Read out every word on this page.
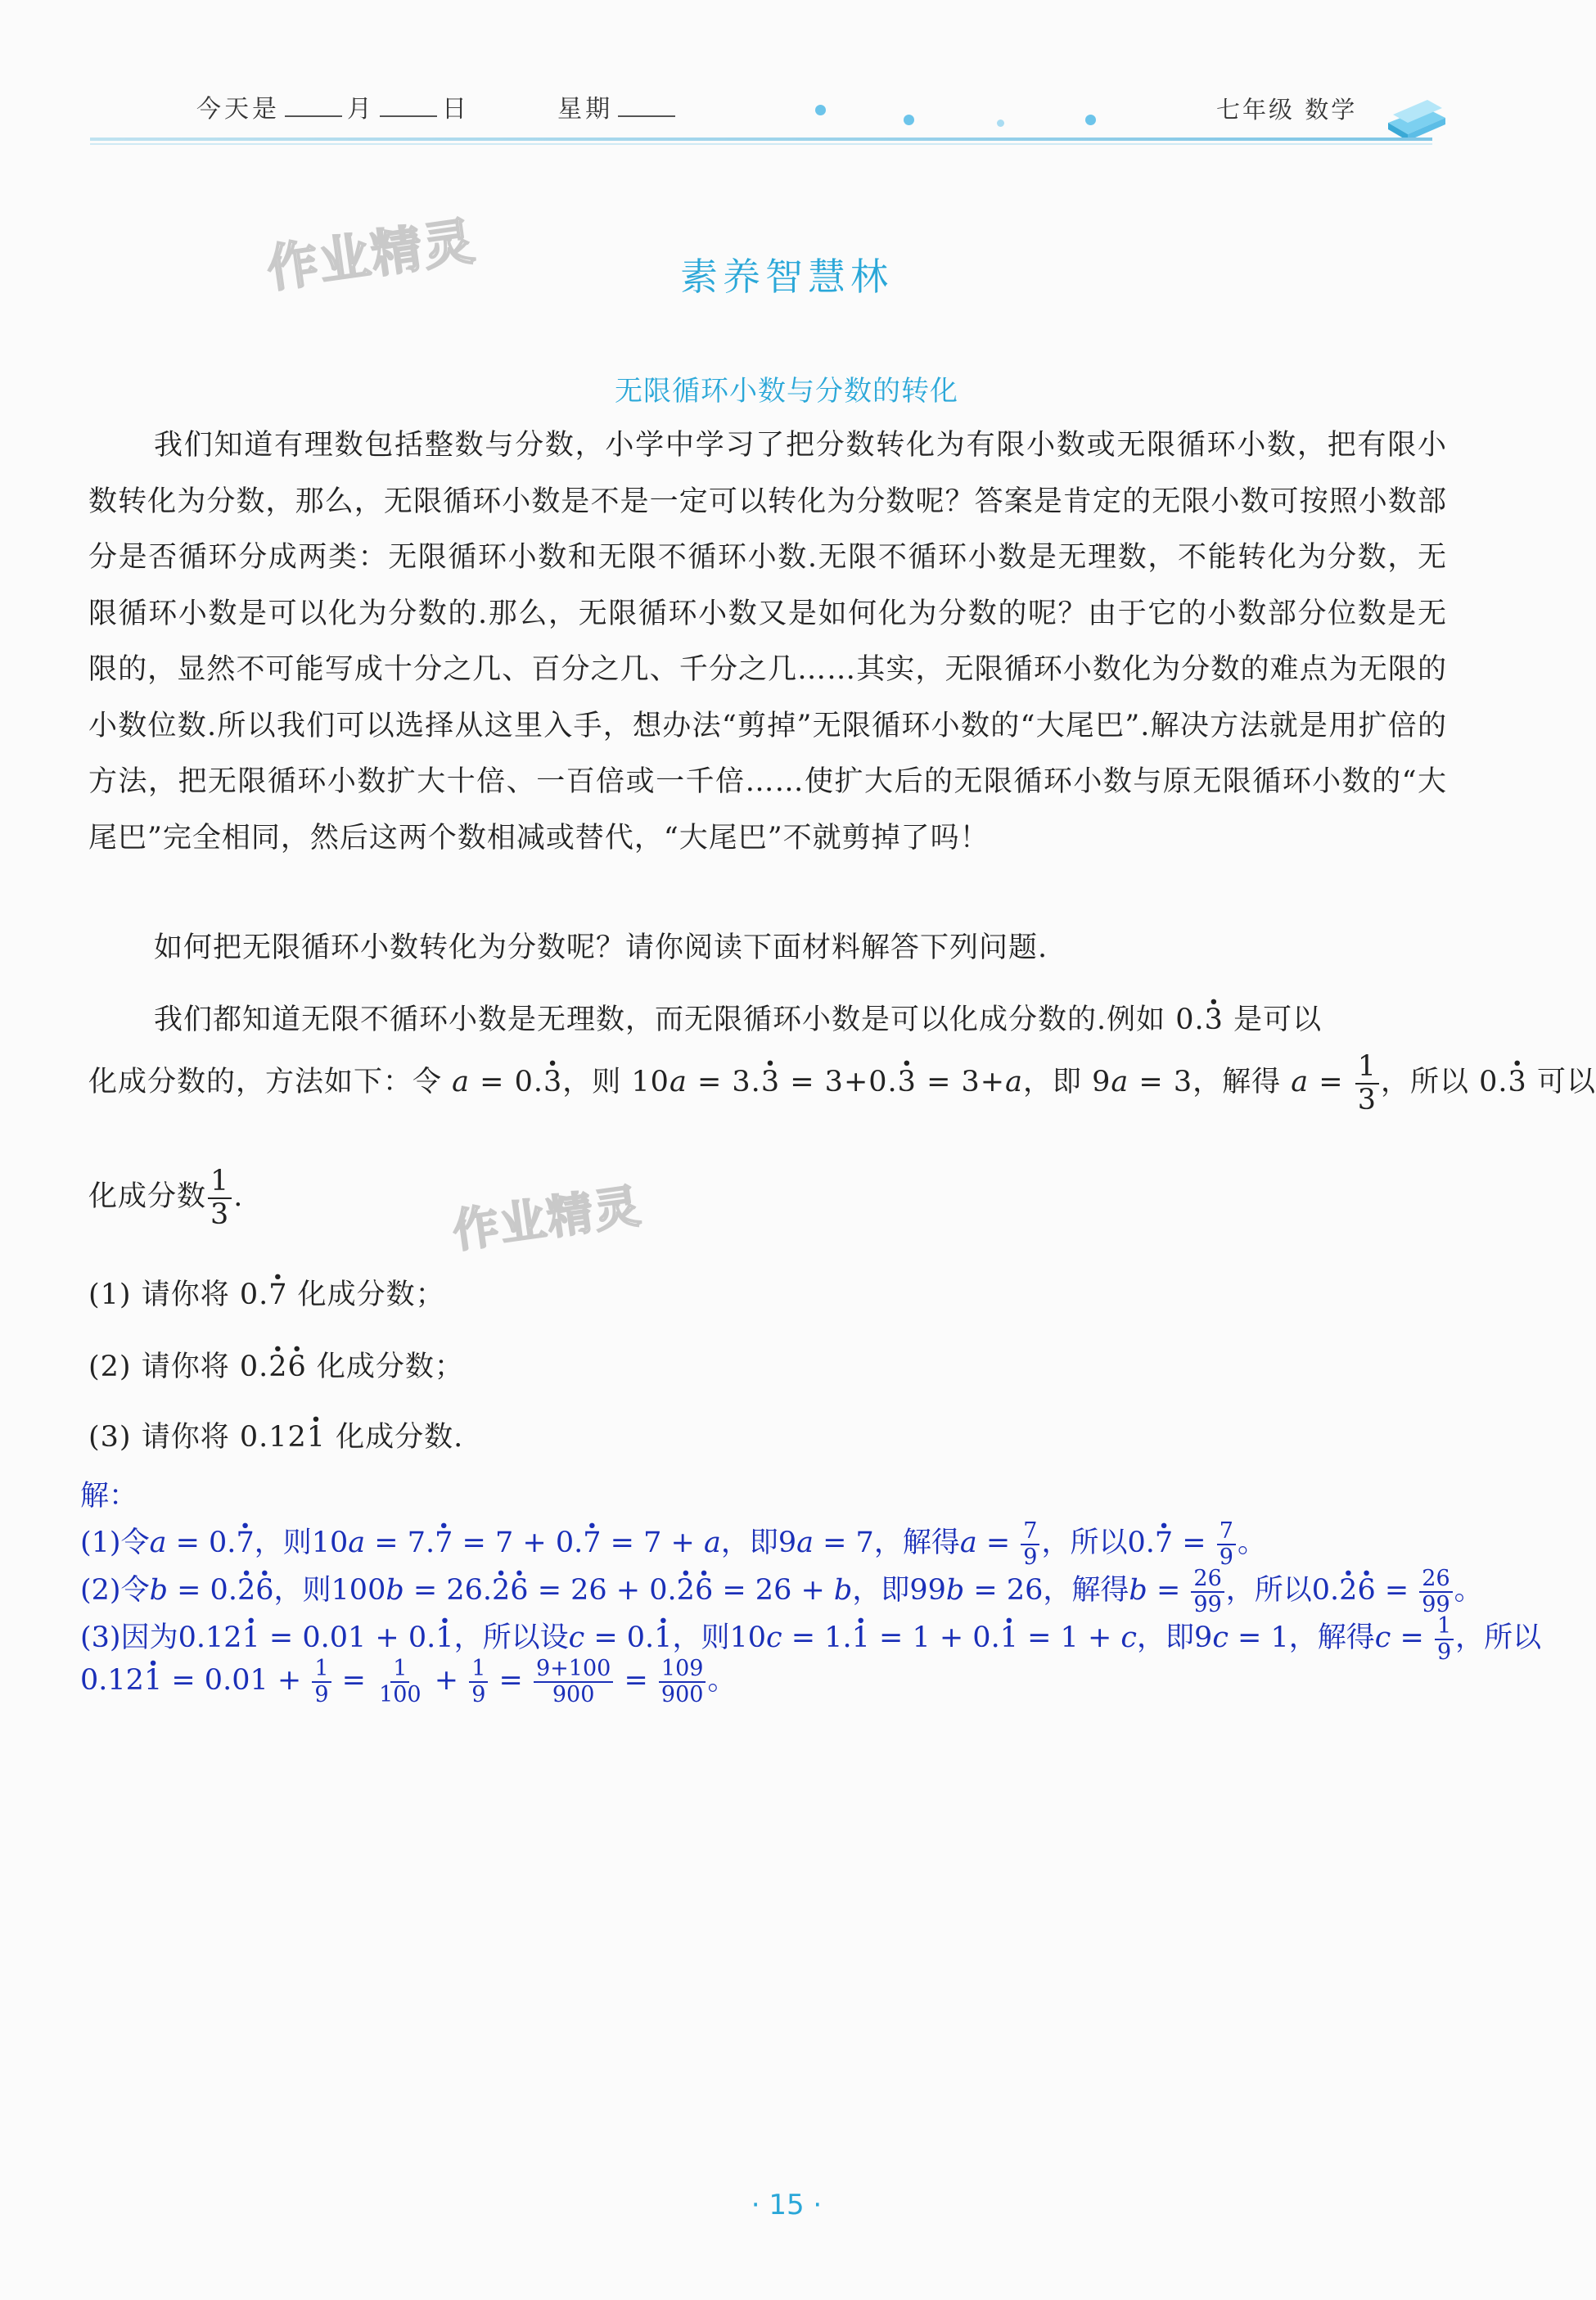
今天是	月	日	星期	七年级 数学
作业精灵
作业精灵
素养智慧林
无限循环小数与分数的转化
我们知道有理数包括整数与分数，小学中学习了把分数转化为有限小数或无限循环小数，把有限小数转化为分数，那么，无限循环小数是不是一定可以转化为分数呢？答案是肯定的无限小数可按照小数部分是否循环分成两类：无限循环小数和无限不循环小数.无限不循环小数是无理数，不能转化为分数，无限循环小数是可以化为分数的.那么，无限循环小数又是如何化为分数的呢？由于它的小数部分位数是无限的，显然不可能写成十分之几、百分之几、千分之几……其实，无限循环小数化为分数的难点为无限的小数位数.所以我们可以选择从这里入手，想办法“剪掉”无限循环小数的“大尾巴”.解决方法就是用扩倍的方法，把无限循环小数扩大十倍、一百倍或一千倍……使扩大后的无限循环小数与原无限循环小数的“大尾巴”完全相同，然后这两个数相减或替代，“大尾巴”不就剪掉了吗！
如何把无限循环小数转化为分数呢？请你阅读下面材料解答下列问题.
我们都知道无限不循环小数是无理数，而无限循环小数是可以化成分数的.例如 0.3 · 是可以
化成分数的，方法如下：令 a = 0.3 ·，则 10a = 3.3 · = 3+0.3 · = 3+a，即 9a = 3，解得 $a = \frac{1}{3}$ ，所以 0.3 · 可以
化成分数 $\frac{1}{3}$ .
(1) 请你将 0.7 · 化成分数；
(2) 请你将 0.2 ·6 · 化成分数；
(3) 请你将 0.121 · 化成分数.
解：
(1)令a = 0.7 ·，则10a = 7.7 · = 7 + 0.7 · = 7 + a，即9a = 7，解得$a = \frac{7}{9}$ ，所以0.7 · = $\frac{7}{9}$ 。
(2)令b = 0.2 ·6 ·，则100b = 26.2 ·6 · = 26 + 0.2 ·6 · = 26 + b，即99b = 26，解得$b = \frac{26}{99}$ ，所以0.2 ·6 · = $\frac{26}{99}$ 。
(3)因为0.121 · = 0.01 + 0.1 ·，所以设c = 0.1 ·，则10c = 1.1 · = 1 + 0.1 · = 1 + c，即9c = 1，解得$c = \frac{1}{9}$ ，所以
0.121 · = $0.01 + \frac{1}{9} = \frac{1}{100} + \frac{1}{9} = \frac{9+100}{900} = \frac{109}{900}$ 。
· 15 ·
